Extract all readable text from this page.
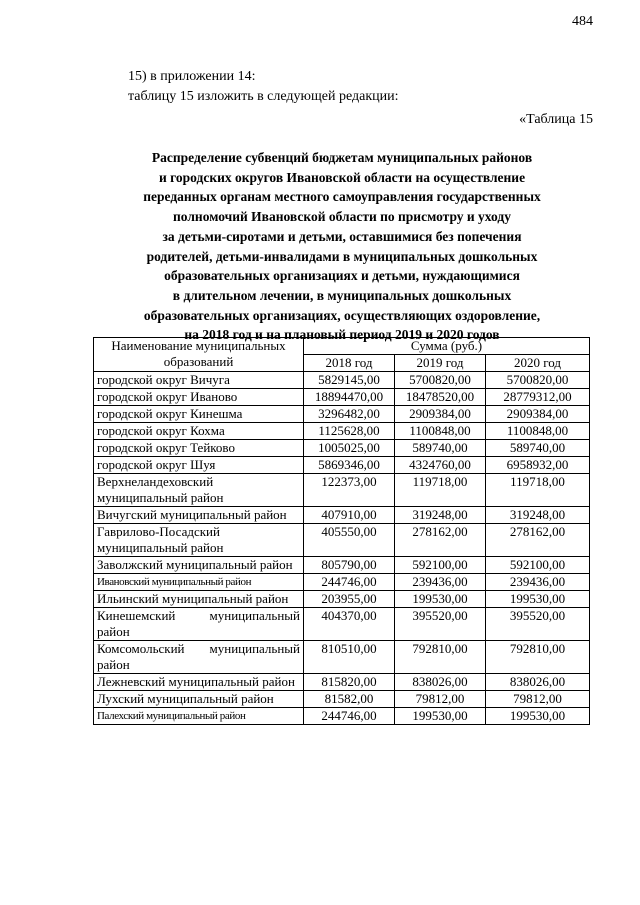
484
15) в приложении 14:
таблицу 15 изложить в следующей редакции:
«Таблица 15
Распределение субвенций бюджетам муниципальных районов
и городских округов Ивановской области на осуществление
переданных органам местного самоуправления государственных
полномочий Ивановской области по присмотру и уходу
за детьми-сиротами и детьми, оставшимися без попечения
родителей, детьми-инвалидами в муниципальных дошкольных
образовательных организациях и детьми, нуждающимися
в длительном лечении, в муниципальных дошкольных
образовательных организациях, осуществляющих оздоровление,
на 2018 год и на плановый период 2019 и 2020 годов
Наименование муниципальных образований	Сумма (руб.)		
	2018 год	2019 год	2020 год
городской округ Вичуга	5829145,00	5700820,00	5700820,00
городской округ Иваново	18894470,00	18478520,00	28779312,00
городской округ Кинешма	3296482,00	2909384,00	2909384,00
городской округ Кохма	1125628,00	1100848,00	1100848,00
городской округ Тейково	1005025,00	589740,00	589740,00
городской округ Шуя	5869346,00	4324760,00	6958932,00
Верхнеландеховский муниципальный район	122373,00	119718,00	119718,00
Вичугский муниципальный район	407910,00	319248,00	319248,00
Гаврилово-Посадский муниципальный район	405550,00	278162,00	278162,00
Заволжский муниципальный район	805790,00	592100,00	592100,00
Ивановский муниципальный район	244746,00	239436,00	239436,00
Ильинский муниципальный район	203955,00	199530,00	199530,00
Кинешемский муниципальный район	404370,00	395520,00	395520,00
Комсомольский муниципальный район	810510,00	792810,00	792810,00
Лежневский муниципальный район	815820,00	838026,00	838026,00
Лухский муниципальный район	81582,00	79812,00	79812,00
Палехский муниципальный район	244746,00	199530,00	199530,00
